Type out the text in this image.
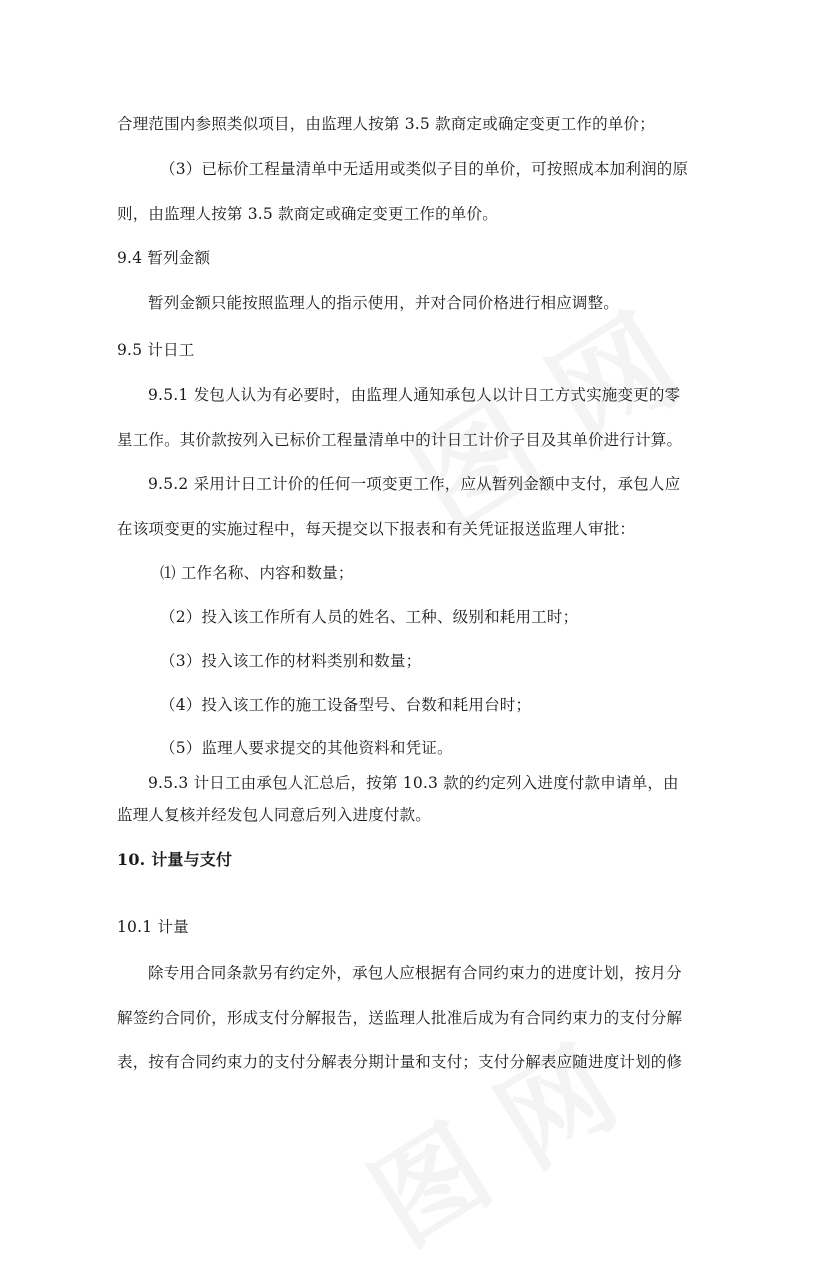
合理范围内参照类似项目，由监理人按第 3.5 款商定或确定变更工作的单价；
（3）已标价工程量清单中无适用或类似子目的单价，可按照成本加利润的原
则，由监理人按第 3.5 款商定或确定变更工作的单价。
9.4 暂列金额
暂列金额只能按照监理人的指示使用，并对合同价格进行相应调整。
9.5 计日工
9.5.1 发包人认为有必要时，由监理人通知承包人以计日工方式实施变更的零
星工作。其价款按列入已标价工程量清单中的计日工计价子目及其单价进行计算。
9.5.2 采用计日工计价的任何一项变更工作，应从暂列金额中支付，承包人应
在该项变更的实施过程中，每天提交以下报表和有关凭证报送监理人审批：
⑴ 工作名称、内容和数量；
（2）投入该工作所有人员的姓名、工种、级别和耗用工时；
（3）投入该工作的材料类别和数量；
（4）投入该工作的施工设备型号、台数和耗用台时；
（5）监理人要求提交的其他资料和凭证。
9.5.3 计日工由承包人汇总后，按第 10.3 款的约定列入进度付款申请单，由
监理人复核并经发包人同意后列入进度付款。
10. 计量与支付
10.1 计量
除专用合同条款另有约定外，承包人应根据有合同约束力的进度计划，按月分
解签约合同价，形成支付分解报告，送监理人批准后成为有合同约束力的支付分解
表，按有合同约束力的支付分解表分期计量和支付；支付分解表应随进度计划的修
